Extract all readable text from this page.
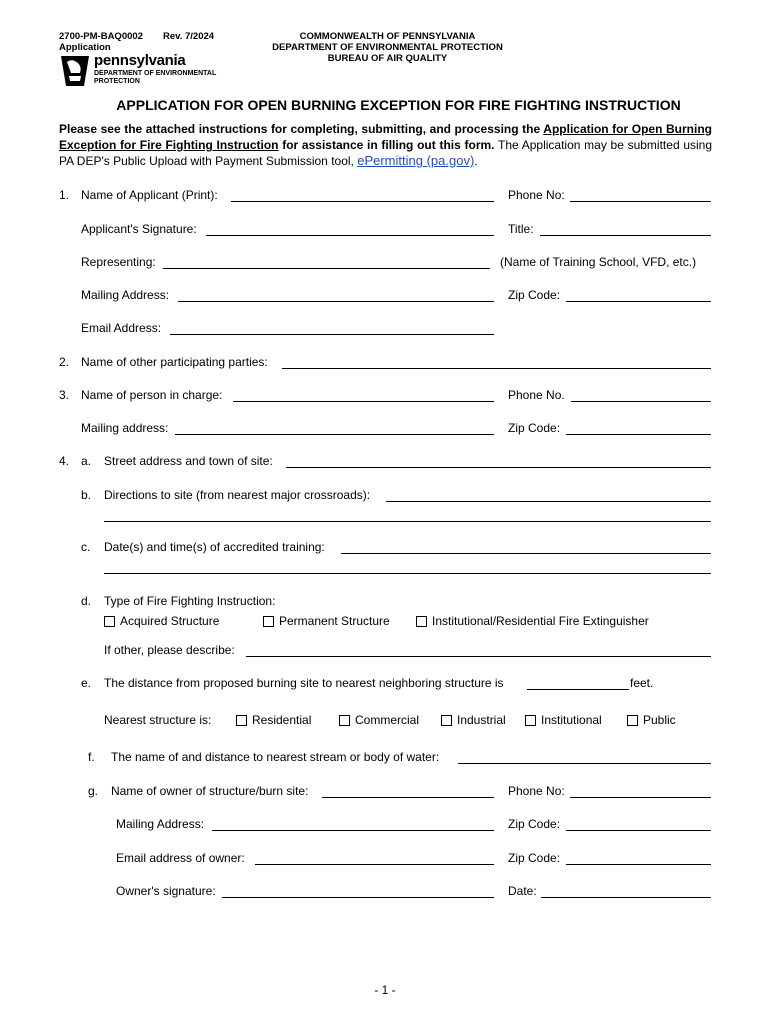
2700-PM-BAQ0002 Rev. 7/2024
Application
COMMONWEALTH OF PENNSYLVANIA
DEPARTMENT OF ENVIRONMENTAL PROTECTION
BUREAU OF AIR QUALITY
pennsylvania
DEPARTMENT OF ENVIRONMENTAL
PROTECTION
APPLICATION FOR OPEN BURNING EXCEPTION FOR FIRE FIGHTING INSTRUCTION
Please see the attached instructions for completing, submitting, and processing the Application for Open Burning Exception for Fire Fighting Instruction for assistance in filling out this form. The Application may be submitted using PA DEP's Public Upload with Payment Submission tool, ePermitting (pa.gov).
1. Name of Applicant (Print):	Phone No:
Applicant's Signature:	Title:
Representing:	(Name of Training School, VFD, etc.)
Mailing Address:	Zip Code:
Email Address:
2. Name of other participating parties:
3. Name of person in charge:	Phone No.
Mailing address:	Zip Code:
4. a. Street address and town of site:
b. Directions to site (from nearest major crossroads):
c. Date(s) and time(s) of accredited training:
d. Type of Fire Fighting Instruction:
Acquired Structure	Permanent Structure	Institutional/Residential Fire Extinguisher
If other, please describe:
e. The distance from proposed burning site to nearest neighboring structure is	feet.
Nearest structure is:	Residential	Commercial	Industrial	Institutional	Public
f. The name of and distance to nearest stream or body of water:
g. Name of owner of structure/burn site:	Phone No:
Mailing Address:	Zip Code:
Email address of owner:	Zip Code:
Owner's signature:	Date:
- 1 -
